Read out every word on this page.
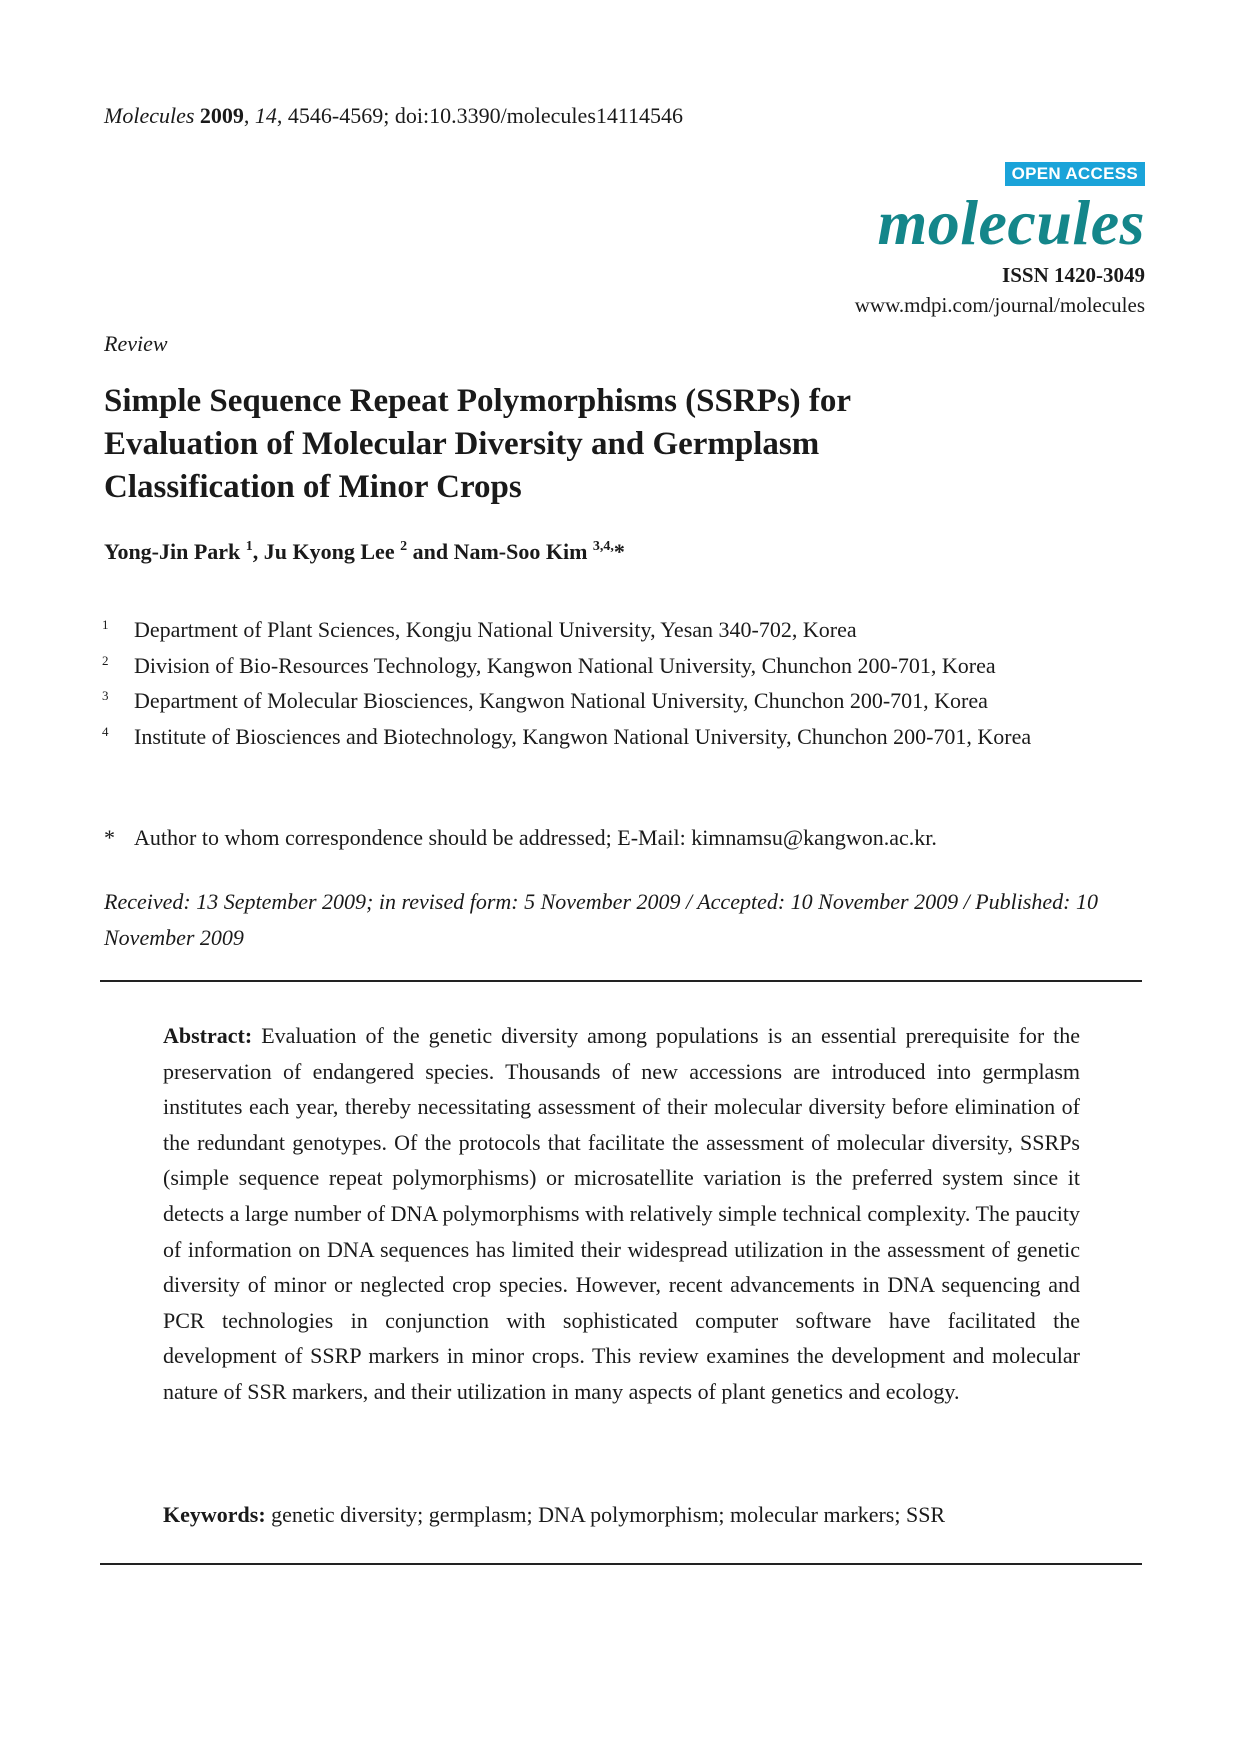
Molecules 2009, 14, 4546-4569; doi:10.3390/molecules14114546
OPEN ACCESS
molecules
ISSN 1420-3049
www.mdpi.com/journal/molecules
Review
Simple Sequence Repeat Polymorphisms (SSRPs) for Evaluation of Molecular Diversity and Germplasm Classification of Minor Crops
Yong-Jin Park $^1$, Ju Kyong Lee $^2$ and Nam-Soo Kim $^{3,4,}$*
1 Department of Plant Sciences, Kongju National University, Yesan 340-702, Korea
2 Division of Bio-Resources Technology, Kangwon National University, Chunchon 200-701, Korea
3 Department of Molecular Biosciences, Kangwon National University, Chunchon 200-701, Korea
4 Institute of Biosciences and Biotechnology, Kangwon National University, Chunchon 200-701, Korea
* Author to whom correspondence should be addressed; E-Mail: kimnamsu@kangwon.ac.kr.
Received: 13 September 2009; in revised form: 5 November 2009 / Accepted: 10 November 2009 / Published: 10 November 2009
Abstract: Evaluation of the genetic diversity among populations is an essential prerequisite for the preservation of endangered species. Thousands of new accessions are introduced into germplasm institutes each year, thereby necessitating assessment of their molecular diversity before elimination of the redundant genotypes. Of the protocols that facilitate the assessment of molecular diversity, SSRPs (simple sequence repeat polymorphisms) or microsatellite variation is the preferred system since it detects a large number of DNA polymorphisms with relatively simple technical complexity. The paucity of information on DNA sequences has limited their widespread utilization in the assessment of genetic diversity of minor or neglected crop species. However, recent advancements in DNA sequencing and PCR technologies in conjunction with sophisticated computer software have facilitated the development of SSRP markers in minor crops. This review examines the development and molecular nature of SSR markers, and their utilization in many aspects of plant genetics and ecology.
Keywords: genetic diversity; germplasm; DNA polymorphism; molecular markers; SSR
